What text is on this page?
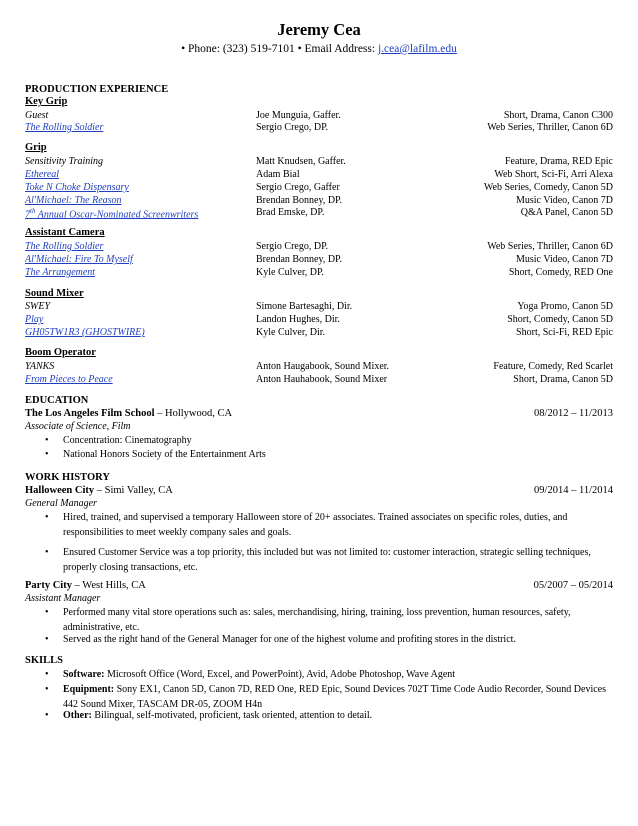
Jeremy Cea
• Phone: (323) 519-7101 • Email Address: j.cea@lafilm.edu
PRODUCTION EXPERIENCE
Key Grip
Guest	Joe Munguia, Gaffer.	Short, Drama, Canon C300
The Rolling Soldier	Sergio Crego, DP.	Web Series, Thriller, Canon 6D
Grip
Sensitivity Training	Matt Knudsen, Gaffer.	Feature, Drama, RED Epic
Ethereal	Adam Bial	Web Short, Sci-Fi, Arri Alexa
Toke N Choke Dispensary	Sergio Crego, Gaffer	Web Series, Comedy, Canon 5D
Al'Michael: The Reason	Brendan Bonney, DP.	Music Video, Canon 7D
7th Annual Oscar-Nominated Screenwriters	Brad Emske, DP.	Q&A Panel, Canon 5D
Assistant Camera
The Rolling Soldier	Sergio Crego, DP.	Web Series, Thriller, Canon 6D
Al'Michael: Fire To Myself	Brendan Bonney, DP.	Music Video, Canon 7D
The Arrangement	Kyle Culver, DP.	Short, Comedy, RED One
Sound Mixer
SWEY	Simone Bartesaghi, Dir.	Yoga Promo, Canon 5D
Play	Landon Hughes, Dir.	Short, Comedy, Canon 5D
GH05TW1R3 (GHOSTWIRE)	Kyle Culver, Dir.	Short, Sci-Fi, RED Epic
Boom Operator
YANKS	Anton Haugabook, Sound Mixer.	Feature, Comedy, Red Scarlet
From Pieces to Peace	Anton Hauhabook, Sound Mixer	Short, Drama, Canon 5D
EDUCATION
The Los Angeles Film School – Hollywood, CA	08/2012 – 11/2013
Associate of Science, Film
• Concentration: Cinematography
• National Honors Society of the Entertainment Arts
WORK HISTORY
Halloween City – Simi Valley, CA	09/2014 – 11/2014
General Manager
• Hired, trained, and supervised a temporary Halloween store of 20+ associates. Trained associates on specific roles, duties, and responsibilities to meet weekly company sales and goals.
• Ensured Customer Service was a top priority, this included but was not limited to: customer interaction, strategic selling techniques, properly closing transactions, etc.
Party City – West Hills, CA	05/2007 – 05/2014
Assistant Manager
• Performed many vital store operations such as: sales, merchandising, hiring, training, loss prevention, human resources, safety, administrative, etc.
• Served as the right hand of the General Manager for one of the highest volume and profiting stores in the district.
SKILLS
• Software: Microsoft Office (Word, Excel, and PowerPoint), Avid, Adobe Photoshop, Wave Agent
• Equipment: Sony EX1, Canon 5D, Canon 7D, RED One, RED Epic, Sound Devices 702T Time Code Audio Recorder, Sound Devices 442 Sound Mixer, TASCAM DR-05, ZOOM H4n
• Other: Bilingual, self-motivated, proficient, task oriented, attention to detail.
